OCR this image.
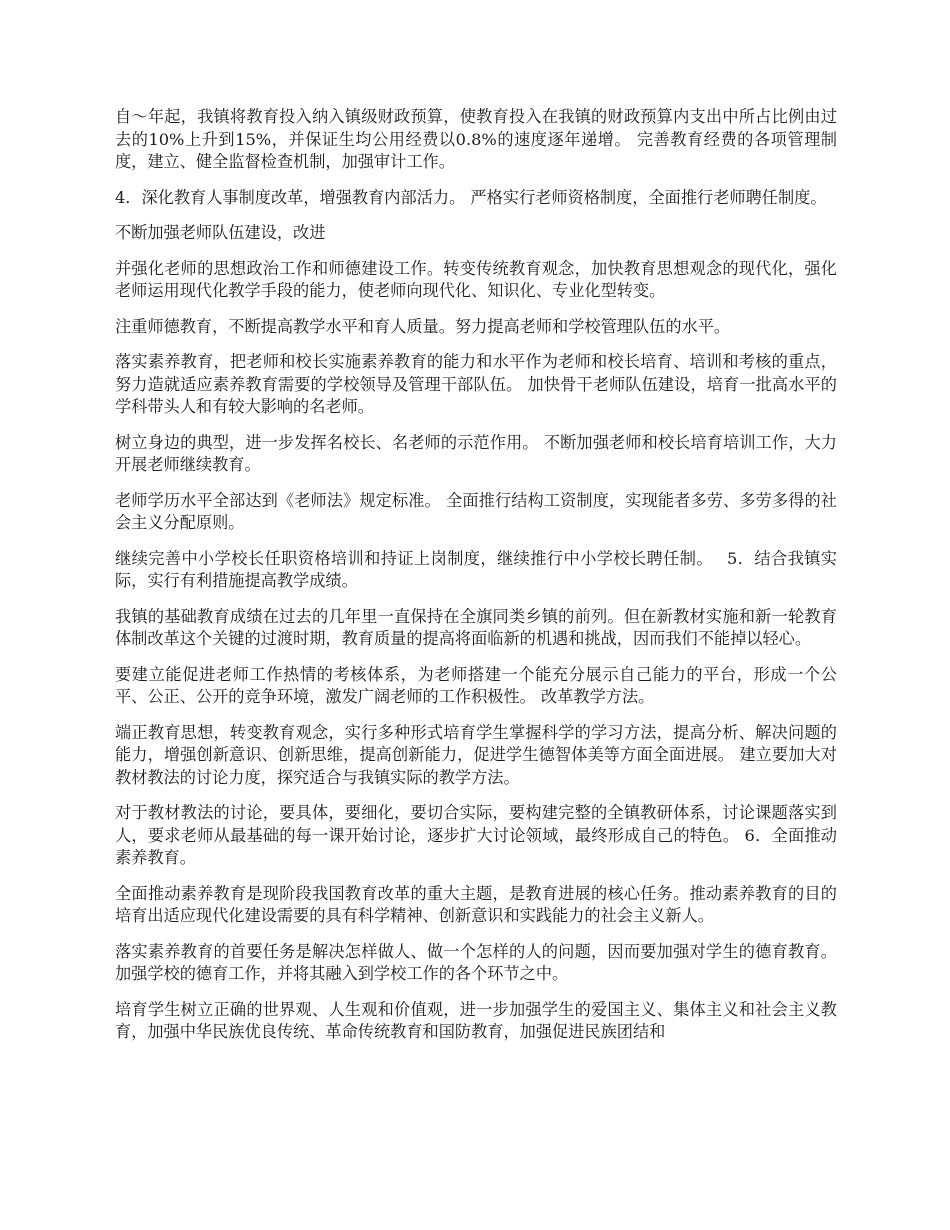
自～年起，我镇将教育投入纳入镇级财政预算，使教育投入在我镇的财政预算内支出中所占比例由过去的10%上升到15%，并保证生均公用经费以0.8%的速度逐年递增。 完善教育经费的各项管理制度，建立、健全监督检查机制，加强审计工作。

4．深化教育人事制度改革，增强教育内部活力。 严格实行老师资格制度，全面推行老师聘任制度。

不断加强老师队伍建设，改进

并强化老师的思想政治工作和师德建设工作。转变传统教育观念，加快教育思想观念的现代化，强化老师运用现代化教学手段的能力，使老师向现代化、知识化、专业化型转变。

注重师德教育，不断提高教学水平和育人质量。努力提高老师和学校管理队伍的水平。

落实素养教育，把老师和校长实施素养教育的能力和水平作为老师和校长培育、培训和考核的重点，努力造就适应素养教育需要的学校领导及管理干部队伍。 加快骨干老师队伍建设，培育一批高水平的学科带头人和有较大影响的名老师。

树立身边的典型，进一步发挥名校长、名老师的示范作用。 不断加强老师和校长培育培训工作，大力开展老师继续教育。

老师学历水平全部达到《老师法》规定标准。 全面推行结构工资制度，实现能者多劳、多劳多得的社会主义分配原则。

继续完善中小学校长任职资格培训和持证上岗制度，继续推行中小学校长聘任制。　 5．结合我镇实际，实行有利措施提高教学成绩。

我镇的基础教育成绩在过去的几年里一直保持在全旗同类乡镇的前列。但在新教材实施和新一轮教育体制改革这个关键的过渡时期，教育质量的提高将面临新的机遇和挑战，因而我们不能掉以轻心。

要建立能促进老师工作热情的考核体系，为老师搭建一个能充分展示自己能力的平台，形成一个公平、公正、公开的竞争环境，激发广阔老师的工作积极性。 改革教学方法。

端正教育思想，转变教育观念，实行多种形式培育学生掌握科学的学习方法，提高分析、解决问题的能力，增强创新意识、创新思维，提高创新能力，促进学生德智体美等方面全面进展。 建立要加大对教材教法的讨论力度，探究适合与我镇实际的教学方法。

对于教材教法的讨论，要具体，要细化，要切合实际，要构建完整的全镇教研体系，讨论课题落实到人，要求老师从最基础的每一课开始讨论，逐步扩大讨论领域，最终形成自己的特色。 6．全面推动素养教育。

全面推动素养教育是现阶段我国教育改革的重大主题，是教育进展的核心任务。推动素养教育的目的培育出适应现代化建设需要的具有科学精神、创新意识和实践能力的社会主义新人。

落实素养教育的首要任务是解决怎样做人、做一个怎样的人的问题，因而要加强对学生的德育教育。加强学校的德育工作，并将其融入到学校工作的各个环节之中。

培育学生树立正确的世界观、人生观和价值观，进一步加强学生的爱国主义、集体主义和社会主义教育，加强中华民族优良传统、革命传统教育和国防教育，加强促进民族团结和
